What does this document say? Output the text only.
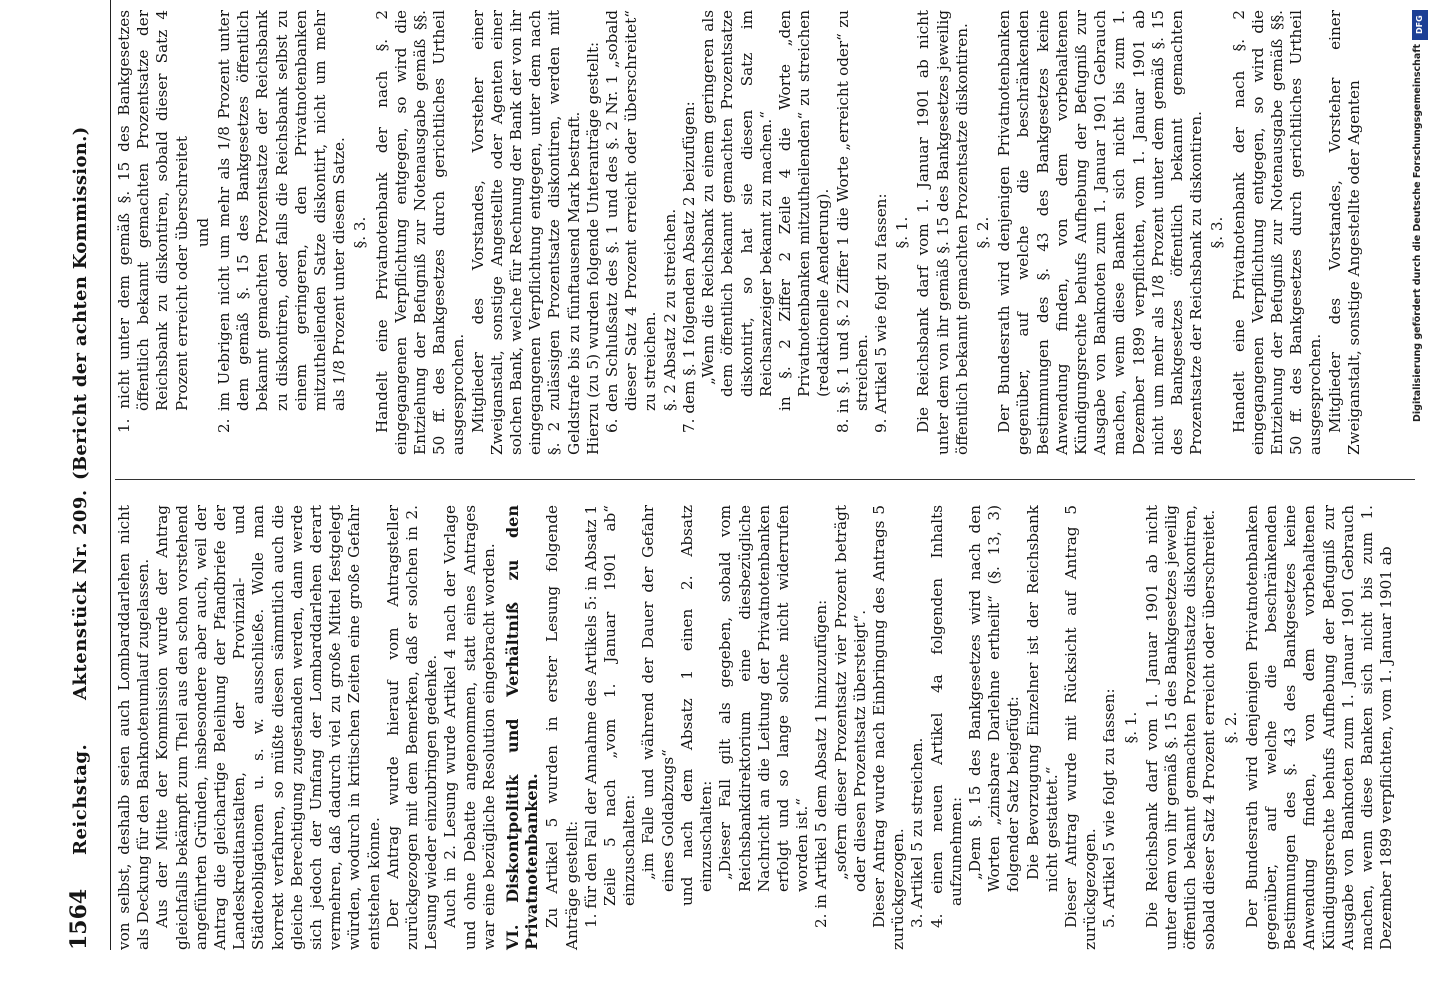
1564
Reichstag.
Aktenstück Nr. 209.
(Bericht der achten Kommission.)

von selbst, deshalb seien auch Lombarddarlehen nicht als Deckung für den Banknotenumlauf zugelassen. Aus der Mitte der Kommission wurde der Antrag gleichfalls bekämpft zum Theil aus den schon vorstehend angeführten Gründen, insbesondere aber auch, weil der Antrag die gleichartige Beleihung der Pfandbriefe der Landeskreditanstalten, der Provinzial- und Städteobligationen u. s. w. ausschließe. Wolle man korrekt verfahren, so müßte diesen sämmtlich auch die gleiche Berechtigung zugestanden werden, dann werde sich jedoch der Umfang der Lombarddarlehen derart vermehren, daß dadurch viel zu große Mittel festgelegt würden, wodurch in kritischen Zeiten eine große Gefahr entstehen könne. Der Antrag wurde hierauf vom Antragsteller zurückgezogen mit dem Bemerken, daß er solchen in 2. Lesung wieder einzubringen gedenke. Auch in 2. Lesung wurde Artikel 4 nach der Vorlage und ohne Debatte angenommen, statt eines Antrages war eine bezügliche Resolution eingebracht worden. VI. Diskontpolitik und Verhältniß zu den Privatnotenbanken. Zu Artikel 5 wurden in erster Lesung folgende Anträge gestellt: 1. für den Fall der Annahme des Artikels 5: in Absatz 1 Zeile 5 nach „vom 1. Januar 1901 ab“ einzuschalten: „im Falle und während der Dauer der Gefahr eines Goldabzugs“ und nach dem Absatz 1 einen 2. Absatz einzuschalten: „Dieser Fall gilt als gegeben, sobald vom Reichsbankdirektorium eine diesbezügliche Nachricht an die Leitung der Privatnotenbanken erfolgt und so lange solche nicht widerrufen worden ist.“ 2. in Artikel 5 dem Absatz 1 hinzuzufügen: „sofern dieser Prozentsatz vier Prozent beträgt oder diesen Prozentsatz übersteigt“. Dieser Antrag wurde nach Einbringung des Antrags 5 zurückgezogen. 3. Artikel 5 zu streichen. 4. einen neuen Artikel 4a folgenden Inhalts aufzunehmen: „Dem §. 15 des Bankgesetzes wird nach den Worten „zinsbare Darlehne ertheilt“ (§. 13, 3) folgender Satz beigefügt: Die Bevorzugung Einzelner ist der Reichsbank nicht gestattet.“ Dieser Antrag wurde mit Rücksicht auf Antrag 5 zurückgezogen. 5. Artikel 5 wie folgt zu fassen: §. 1. Die Reichsbank darf vom 1. Januar 1901 ab nicht unter dem von ihr gemäß §. 15 des Bankgesetzes jeweilig öffentlich bekannt gemachten Prozentsatze diskontiren, sobald dieser Satz 4 Prozent erreicht oder überschreitet. §. 2. Der Bundesrath wird denjenigen Privatnotenbanken gegenüber, auf welche die beschränkenden Bestimmungen des §. 43 des Bankgesetzes keine Anwendung finden, von dem vorbehaltenen Kündigungsrechte behufs Aufhebung der Befugniß zur Ausgabe von Banknoten zum 1. Januar 1901 Gebrauch machen, wenn diese Banken sich nicht bis zum 1. Dezember 1899 verpflichten, vom 1. Januar 1901 ab

1. nicht unter dem gemäß §. 15 des Bankgesetzes öffentlich bekannt gemachten Prozentsatze der Reichsbank zu diskontiren, sobald dieser Satz 4 Prozent erreicht oder überschreitet und 2. im Uebrigen nicht um mehr als 1/8 Prozent unter dem gemäß §. 15 des Bankgesetzes öffentlich bekannt gemachten Prozentsatze der Reichsbank zu diskontiren, oder falls die Reichsbank selbst zu einem geringeren, den Privatnotenbanken mitzutheilenden Satze diskontirt, nicht um mehr als 1/8 Prozent unter diesem Satze. §. 3. Handelt eine Privatnotenbank der nach §. 2 eingegangenen Verpflichtung entgegen, so wird die Entziehung der Befugniß zur Notenausgabe gemäß §§. 50 ff. des Bankgesetzes durch gerichtliches Urtheil ausgesprochen. Mitglieder des Vorstandes, Vorsteher einer Zweiganstalt, sonstige Angestellte oder Agenten einer solchen Bank, welche für Rechnung der Bank der von ihr eingegangenen Verpflichtung entgegen, unter dem nach §. 2 zulässigen Prozentsatze diskontiren, werden mit Geldstrafe bis zu fünftausend Mark bestraft. Hierzu (zu 5) wurden folgende Unteranträge gestellt: 6. den Schlußsatz des §. 1 und des §. 2 Nr. 1 „sobald dieser Satz 4 Prozent erreicht oder überschreitet“ zu streichen. §. 2 Absatz 2 zu streichen. 7. dem §. 1 folgenden Absatz 2 beizufügen: „Wenn die Reichsbank zu einem geringeren als dem öffentlich bekannt gemachten Prozentsatze diskontirt, so hat sie diesen Satz im Reichsanzeiger bekannt zu machen.“ in §. 2 Ziffer 2 Zeile 4 die Worte „den Privatnotenbanken mitzutheilenden“ zu streichen (redaktionelle Aenderung). 8. in §. 1 und §. 2 Ziffer 1 die Worte „erreicht oder“ zu streichen. 9. Artikel 5 wie folgt zu fassen: §. 1. Die Reichsbank darf vom 1. Januar 1901 ab nicht unter dem von ihr gemäß §. 15 des Bankgesetzes jeweilig öffentlich bekannt gemachten Prozentsatze diskontiren. §. 2. Der Bundesrath wird denjenigen Privatnotenbanken gegenüber, auf welche die beschränkenden Bestimmungen des §. 43 des Bankgesetzes keine Anwendung finden, von dem vorbehaltenen Kündigungsrechte behufs Aufhebung der Befugniß zur Ausgabe von Banknoten zum 1. Januar 1901 Gebrauch machen, wenn diese Banken sich nicht bis zum 1. Dezember 1899 verpflichten, vom 1. Januar 1901 ab nicht um mehr als 1/8 Prozent unter dem gemäß §. 15 des Bankgesetzes öffentlich bekannt gemachten Prozentsatze der Reichsbank zu diskontiren. §. 3. Handelt eine Privatnotenbank der nach §. 2 eingegangenen Verpflichtung entgegen, so wird die Entziehung der Befugniß zur Notenausgabe gemäß §§. 50 ff. des Bankgesetzes durch gerichtliches Urtheil ausgesprochen. Mitglieder des Vorstandes, Vorsteher einer Zweiganstalt, sonstige Angestellte oder Agenten

DFG
Digitalisierung gefördert durch die Deutsche Forschungsgemeinschaft
